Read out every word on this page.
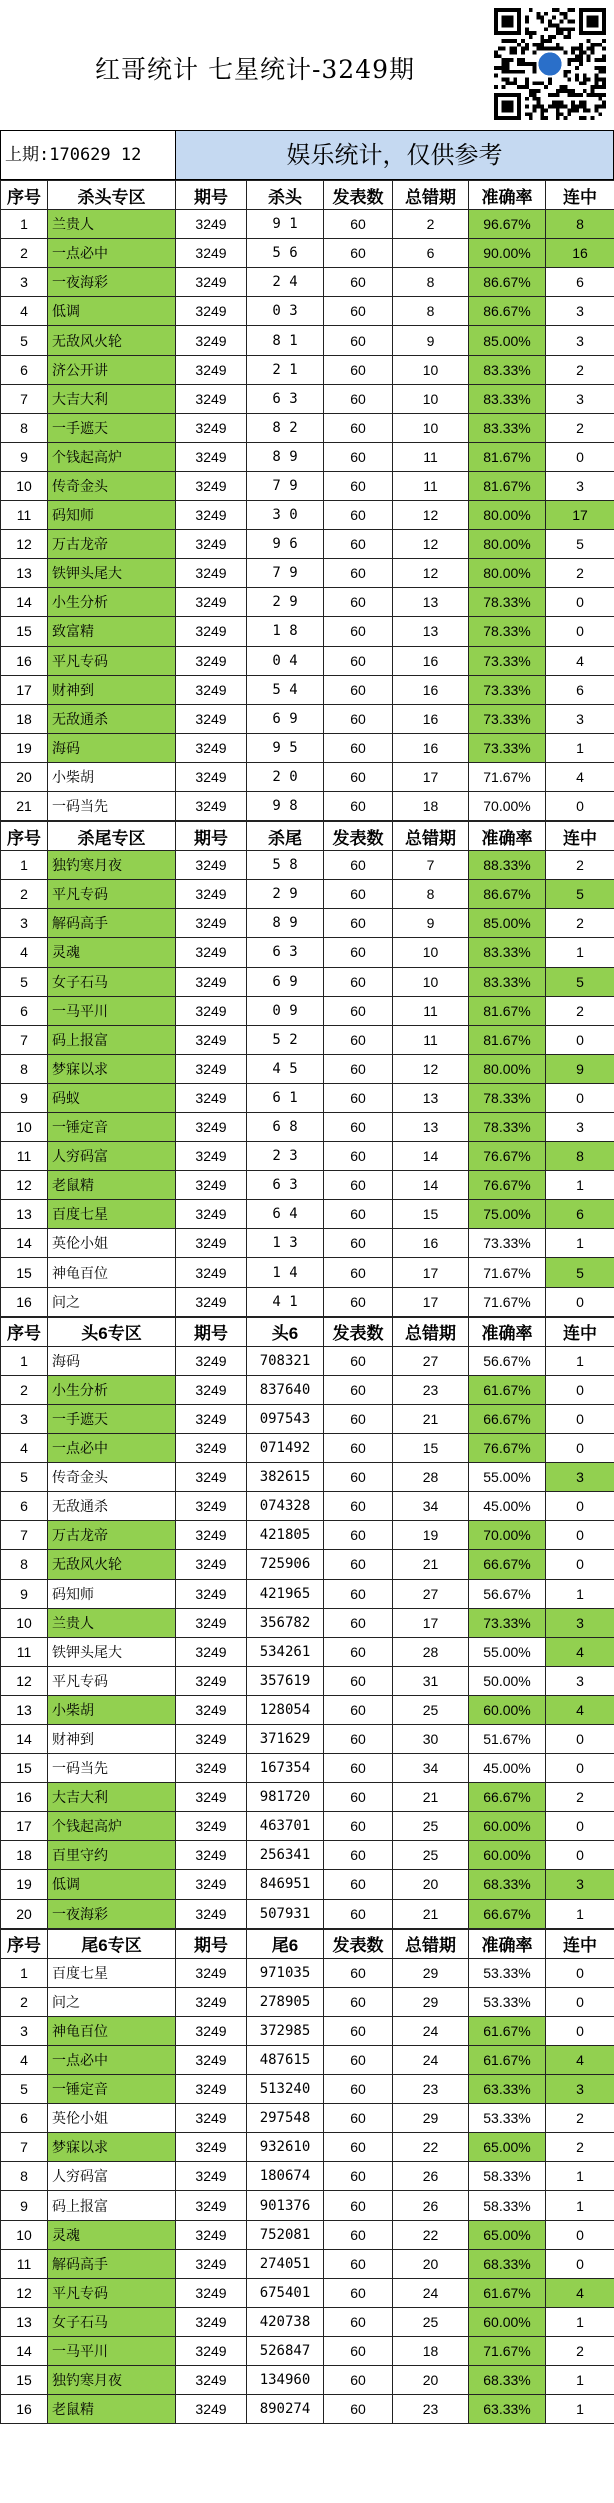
红哥统计 七星统计-3249期
上期:170629 12	娱乐统计，仅供参考
序号	杀头专区	期号	杀头	发表数	总错期	准确率	连中
1	兰贵人	3249	9 1	60	2	96.67%	8
2	一点必中	3249	5 6	60	6	90.00%	16
3	一夜海彩	3249	2 4	60	8	86.67%	6
4	低调	3249	0 3	60	8	86.67%	3
5	无敌风火轮	3249	8 1	60	9	85.00%	3
6	济公开讲	3249	2 1	60	10	83.33%	2
7	大吉大利	3249	6 3	60	10	83.33%	3
8	一手遮天	3249	8 2	60	10	83.33%	2
9	个钱起高炉	3249	8 9	60	11	81.67%	0
10	传奇金头	3249	7 9	60	11	81.67%	3
11	码知师	3249	3 0	60	12	80.00%	17
12	万古龙帝	3249	9 6	60	12	80.00%	5
13	铁钾头尾大	3249	7 9	60	12	80.00%	2
14	小生分析	3249	2 9	60	13	78.33%	0
15	致富精	3249	1 8	60	13	78.33%	0
16	平凡专码	3249	0 4	60	16	73.33%	4
17	财神到	3249	5 4	60	16	73.33%	6
18	无敌通杀	3249	6 9	60	16	73.33%	3
19	海码	3249	9 5	60	16	73.33%	1
20	小柴胡	3249	2 0	60	17	71.67%	4
21	一码当先	3249	9 8	60	18	70.00%	0
序号	杀尾专区	期号	杀尾	发表数	总错期	准确率	连中
1	独钓寒月夜	3249	5 8	60	7	88.33%	2
2	平凡专码	3249	2 9	60	8	86.67%	5
3	解码高手	3249	8 9	60	9	85.00%	2
4	灵魂	3249	6 3	60	10	83.33%	1
5	女子石马	3249	6 9	60	10	83.33%	5
6	一马平川	3249	0 9	60	11	81.67%	2
7	码上报富	3249	5 2	60	11	81.67%	0
8	梦寐以求	3249	4 5	60	12	80.00%	9
9	码蚁	3249	6 1	60	13	78.33%	0
10	一锤定音	3249	6 8	60	13	78.33%	3
11	人穷码富	3249	2 3	60	14	76.67%	8
12	老鼠精	3249	6 3	60	14	76.67%	1
13	百度七星	3249	6 4	60	15	75.00%	6
14	英伦小姐	3249	1 3	60	16	73.33%	1
15	神龟百位	3249	1 4	60	17	71.67%	5
16	问之	3249	4 1	60	17	71.67%	0
序号	头6专区	期号	头6	发表数	总错期	准确率	连中
1	海码	3249	708321	60	27	56.67%	1
2	小生分析	3249	837640	60	23	61.67%	0
3	一手遮天	3249	097543	60	21	66.67%	0
4	一点必中	3249	071492	60	15	76.67%	0
5	传奇金头	3249	382615	60	28	55.00%	3
6	无敌通杀	3249	074328	60	34	45.00%	0
7	万古龙帝	3249	421805	60	19	70.00%	0
8	无敌风火轮	3249	725906	60	21	66.67%	0
9	码知师	3249	421965	60	27	56.67%	1
10	兰贵人	3249	356782	60	17	73.33%	3
11	铁钾头尾大	3249	534261	60	28	55.00%	4
12	平凡专码	3249	357619	60	31	50.00%	3
13	小柴胡	3249	128054	60	25	60.00%	4
14	财神到	3249	371629	60	30	51.67%	0
15	一码当先	3249	167354	60	34	45.00%	0
16	大吉大利	3249	981720	60	21	66.67%	2
17	个钱起高炉	3249	463701	60	25	60.00%	0
18	百里守约	3249	256341	60	25	60.00%	0
19	低调	3249	846951	60	20	68.33%	3
20	一夜海彩	3249	507931	60	21	66.67%	1
序号	尾6专区	期号	尾6	发表数	总错期	准确率	连中
1	百度七星	3249	971035	60	29	53.33%	0
2	问之	3249	278905	60	29	53.33%	0
3	神龟百位	3249	372985	60	24	61.67%	0
4	一点必中	3249	487615	60	24	61.67%	4
5	一锤定音	3249	513240	60	23	63.33%	3
6	英伦小姐	3249	297548	60	29	53.33%	2
7	梦寐以求	3249	932610	60	22	65.00%	2
8	人穷码富	3249	180674	60	26	58.33%	1
9	码上报富	3249	901376	60	26	58.33%	1
10	灵魂	3249	752081	60	22	65.00%	0
11	解码高手	3249	274051	60	20	68.33%	0
12	平凡专码	3249	675401	60	24	61.67%	4
13	女子石马	3249	420738	60	25	60.00%	1
14	一马平川	3249	526847	60	18	71.67%	2
15	独钓寒月夜	3249	134960	60	20	68.33%	1
16	老鼠精	3249	890274	60	23	63.33%	1
